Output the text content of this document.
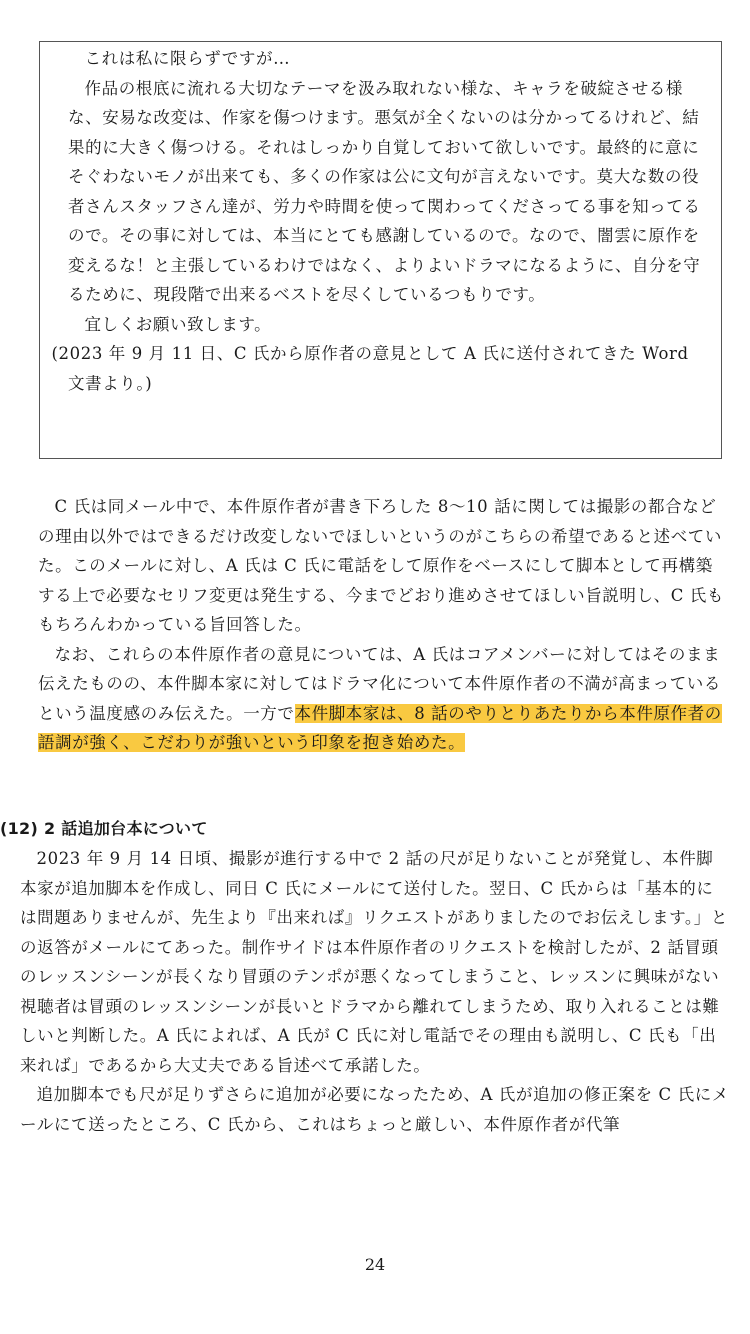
これは私に限らずですが…

作品の根底に流れる大切なテーマを汲み取れない様な、キャラを破綻させる様な、安易な改変は、作家を傷つけます。悪気が全くないのは分かってるけれど、結果的に大きく傷つける。それはしっかり自覚しておいて欲しいです。最終的に意にそぐわないモノが出来ても、多くの作家は公に文句が言えないです。莫大な数の役者さんスタッフさん達が、労力や時間を使って関わってくださってる事を知ってるので。その事に対しては、本当にとても感謝しているので。なので、闇雲に原作を変えるな！と主張しているわけではなく、よりよいドラマになるように、自分を守るために、現段階で出来るベストを尽くしているつもりです。

宜しくお願い致します。

(2023 年 9 月 11 日、C 氏から原作者の意見として A 氏に送付されてきた Word 文書より。)

C 氏は同メール中で、本件原作者が書き下ろした 8〜10 話に関しては撮影の都合などの理由以外ではできるだけ改変しないでほしいというのがこちらの希望であると述べていた。このメールに対し、A 氏は C 氏に電話をして原作をベースにして脚本として再構築する上で必要なセリフ変更は発生する、今までどおり進めさせてほしい旨説明し、C 氏ももちろんわかっている旨回答した。

なお、これらの本件原作者の意見については、A 氏はコアメンバーに対してはそのまま伝えたものの、本件脚本家に対してはドラマ化について本件原作者の不満が高まっているという温度感のみ伝えた。一方で本件脚本家は、8 話のやりとりあたりから本件原作者の語調が強く、こだわりが強いという印象を抱き始めた。

(12) 2 話追加台本について

2023 年 9 月 14 日頃、撮影が進行する中で 2 話の尺が足りないことが発覚し、本件脚本家が追加脚本を作成し、同日 C 氏にメールにて送付した。翌日、C 氏からは「基本的には問題ありませんが、先生より『出来れば』リクエストがありましたのでお伝えします。」との返答がメールにてあった。制作サイドは本件原作者のリクエストを検討したが、2 話冒頭のレッスンシーンが長くなり冒頭のテンポが悪くなってしまうこと、レッスンに興味がない視聴者は冒頭のレッスンシーンが長いとドラマから離れてしまうため、取り入れることは難しいと判断した。A 氏によれば、A 氏が C 氏に対し電話でその理由も説明し、C 氏も「出来れば」であるから大丈夫である旨述べて承諾した。

追加脚本でも尺が足りずさらに追加が必要になったため、A 氏が追加の修正案を C 氏にメールにて送ったところ、C 氏から、これはちょっと厳しい、本件原作者が代筆

24
